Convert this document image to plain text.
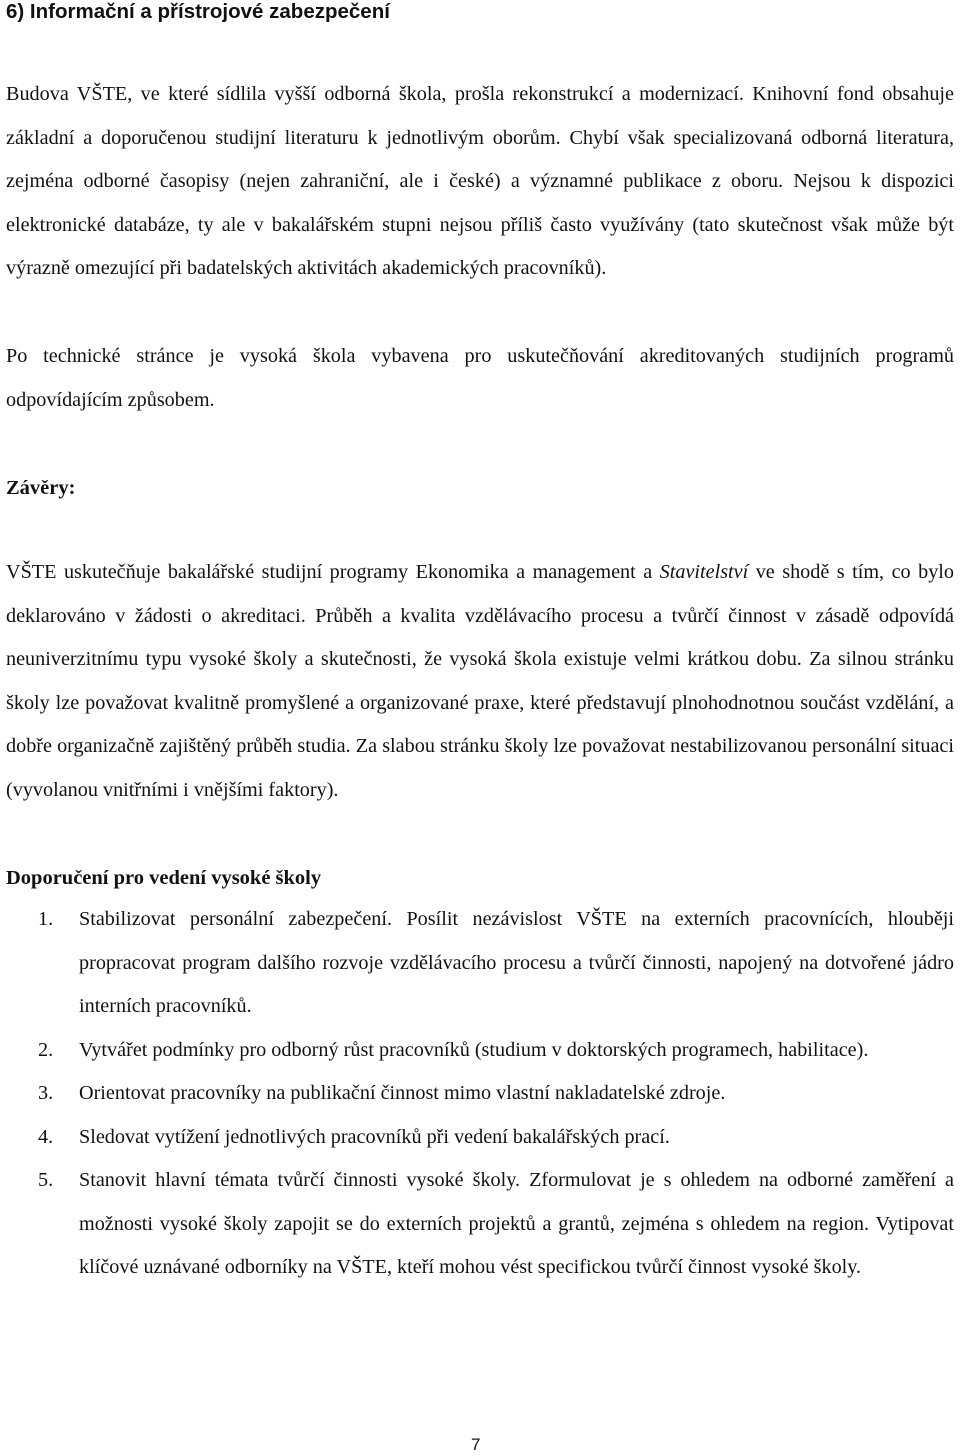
6) Informační a přístrojové zabezpečení

Budova VŠTE, ve které sídlila vyšší odborná škola, prošla rekonstrukcí a modernizací. Knihovní fond obsahuje základní a doporučenou studijní literaturu k jednotlivým oborům. Chybí však specializovaná odborná literatura, zejména odborné časopisy (nejen zahraniční, ale i české) a významné publikace z oboru. Nejsou k dispozici elektronické databáze, ty ale v bakalářském stupni nejsou příliš často využívány (tato skutečnost však může být výrazně omezující při badatelských aktivitách akademických pracovníků).

Po technické stránce je vysoká škola vybavena pro uskutečňování akreditovaných studijních programů odpovídajícím způsobem.

Závěry:

VŠTE uskutečňuje bakalářské studijní programy Ekonomika a management a Stavitelství ve shodě s tím, co bylo deklarováno v žádosti o akreditaci. Průběh a kvalita vzdělávacího procesu a tvůrčí činnost v zásadě odpovídá neuniverzitnímu typu vysoké školy a skutečnosti, že vysoká škola existuje velmi krátkou dobu. Za silnou stránku školy lze považovat kvalitně promyšlené a organizované praxe, které představují plnohodnotnou součást vzdělání, a dobře organizačně zajištěný průběh studia. Za slabou stránku školy lze považovat nestabilizovanou personální situaci (vyvolanou vnitřními i vnějšími faktory).

Doporučení pro vedení vysoké školy
1. Stabilizovat personální zabezpečení. Posílit nezávislost VŠTE na externích pracovnících, hlouběji propracovat program dalšího rozvoje vzdělávacího procesu a tvůrčí činnosti, napojený na dotvořené jádro interních pracovníků.
2. Vytvářet podmínky pro odborný růst pracovníků (studium v doktorských programech, habilitace).
3. Orientovat pracovníky na publikační činnost mimo vlastní nakladatelské zdroje.
4. Sledovat vytížení jednotlivých pracovníků při vedení bakalářských prací.
5. Stanovit hlavní témata tvůrčí činnosti vysoké školy. Zformulovat je s ohledem na odborné zaměření a možnosti vysoké školy zapojit se do externích projektů a grantů, zejména s ohledem na region. Vytipovat klíčové uznávané odborníky na VŠTE, kteří mohou vést specifickou tvůrčí činnost vysoké školy.
7
